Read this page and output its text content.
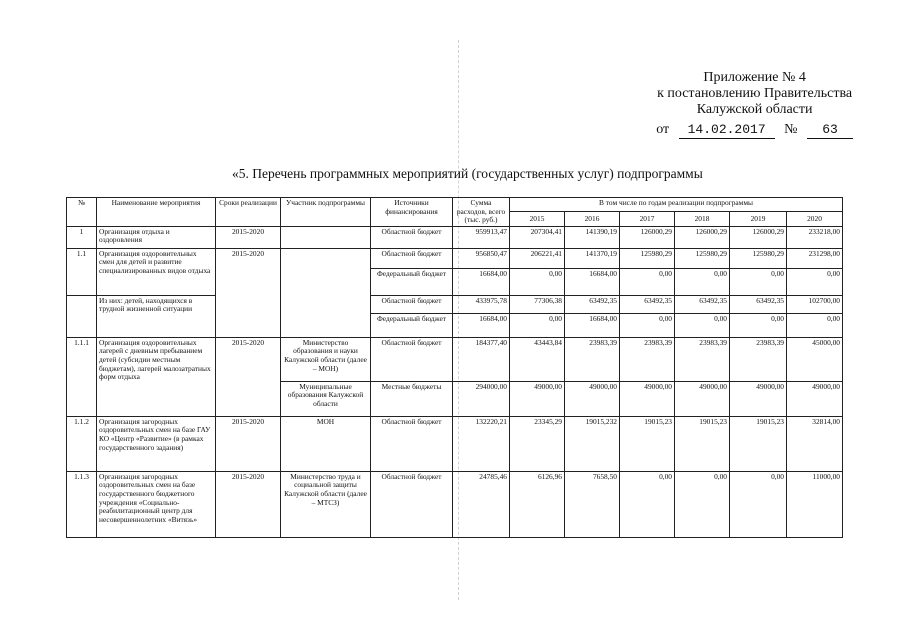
Приложение № 4
к постановлению Правительства
Калужской области
от 14.02.2017 № 63
«5. Перечень программных мероприятий (государственных услуг) подпрограммы
№	Наименование мероприятия	Сроки реализации	Участник подпрограммы	Источники финансирования	Сумма расходов, всего (тыс. руб.)	В том числе по годам реализации подпрограммы					
						2015	2016	2017	2018	2019	2020
1	Организация отдыха и оздоровления	2015-2020		Областной бюджет	959913,47	207304,41	141390,19	126000,29	126000,29	126000,29	233218,00
1.1	Организация оздоровительных смен для детей и развитие специализированных видов отдыха	2015-2020		Областной бюджет	956850,47	206221,41	141370,19	125980,29	125980,29	125980,29	231298,00
				Федеральный бюджет	16684,00	0,00	16684,00	0,00	0,00	0,00	0,00
	Из них: детей, находящихся в трудной жизненной ситуации			Областной бюджет	433975,78	77306,38	63492,35	63492,35	63492,35	63492,35	102700,00
				Федеральный бюджет	16684,00	0,00	16684,00	0,00	0,00	0,00	0,00
1.1.1	Организация оздоровительных лагерей с дневным пребыванием детей (субсидии местным бюджетам), лагерей малозатратных форм отдыха	2015-2020	Министерство образования и науки Калужской области (далее – МОН)	Областной бюджет	184377,40	43443,84	23983,39	23983,39	23983,39	23983,39	45000,00
			Муниципальные образования Калужской области	Местные бюджеты	294000,00	49000,00	49000,00	49000,00	49000,00	49000,00	49000,00
1.1.2	Организация загородных оздоровительных смен на базе ГАУ КО «Центр «Развитие» (в рамках государственного задания)	2015-2020	МОН	Областной бюджет	132220,21	23345,29	19015,232	19015,23	19015,23	19015,23	32814,00
1.1.3	Организация загородных оздоровительных смен на базе государственного бюджетного учреждения «Социально-реабилитационный центр для несовершеннолетних «Витязь»	2015-2020	Министерство труда и социальной защиты Калужской области (далее – МТСЗ)	Областной бюджет	24785,46	6126,96	7658,50	0,00	0,00	0,00	11000,00
